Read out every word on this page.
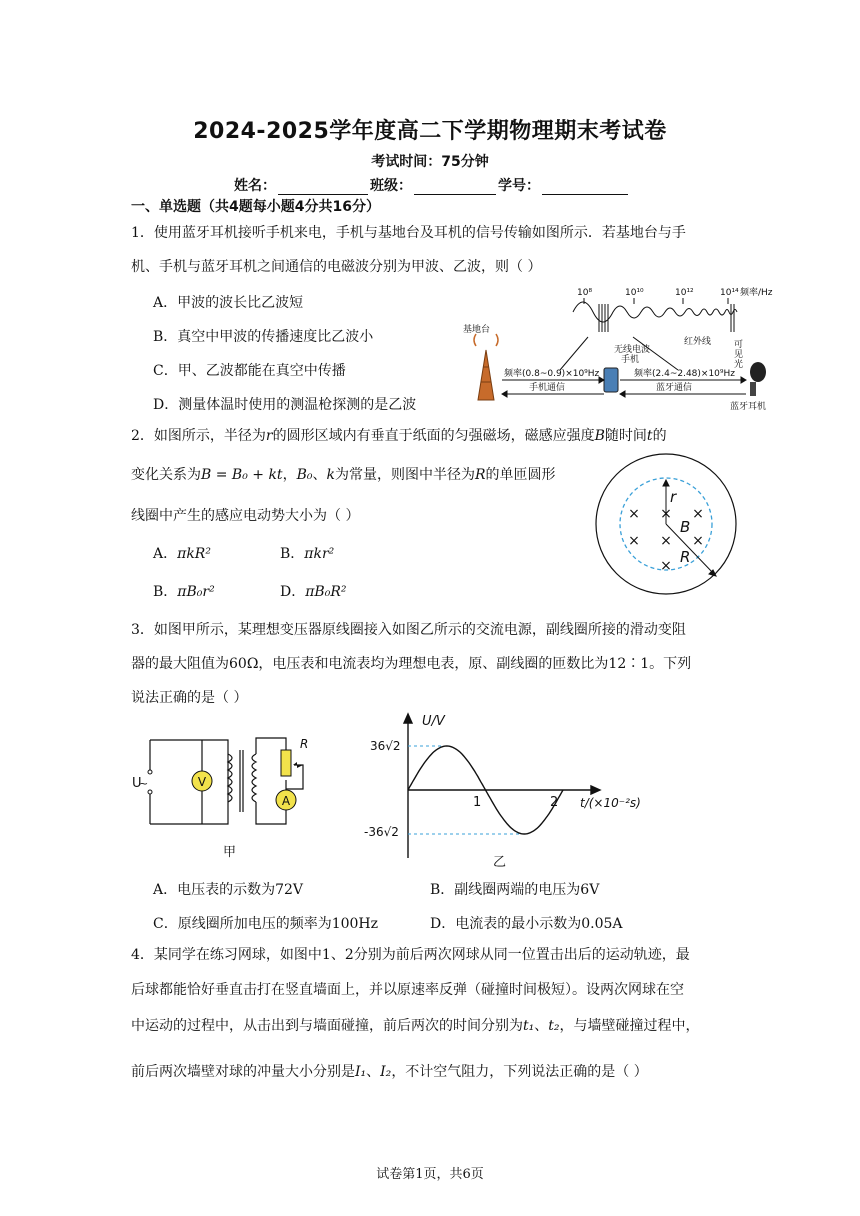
2024-2025学年度高二下学期物理期末考试卷
考试时间：75分钟
姓名：	班级：	学号：
一、单选题（共4题每小题4分共16分）
1．使用蓝牙耳机接听手机来电，手机与基地台及耳机的信号传输如图所示．若基地台与手
机、手机与蓝牙耳机之间通信的电磁波分别为甲波、乙波，则（ ）
A．甲波的波长比乙波短
B．真空中甲波的传播速度比乙波小
C．甲、乙波都能在真空中传播
D．测量体温时使用的测温枪探测的是乙波
10⁸	10¹⁰	10¹²	10¹⁴ 频率/Hz
无线电波
手机
红外线	可
见
光
基地台
频率(0.8~0.9)×10⁹Hz	频率(2.4~2.48)×10⁹Hz
手机通信	蓝牙通信
蓝牙耳机
2．如图所示，半径为r的圆形区域内有垂直于纸面的匀强磁场，磁感应强度B随时间t的
变化关系为B = B₀ + kt，B₀、k为常量，则图中半径为R的单匝圆形
线圈中产生的感应电动势大小为（ ）
A．πkR²	B．πkr²
B．πB₀r²	D．πB₀R²
× × ×
× × ×
×
r
B
R
3．如图甲所示，某理想变压器原线圈接入如图乙所示的交流电源，副线圈所接的滑动变阻
器的最大阻值为60Ω，电压表和电流表均为理想电表，原、副线圈的匝数比为12∶1。下列
说法正确的是（ ）
U
~	V
R
A
甲
U/V
t/(×10⁻²s)
36√2
-36√2
1	2
乙
A．电压表的示数为72V	B．副线圈两端的电压为6V
C．原线圈所加电压的频率为100Hz	D．电流表的最小示数为0.05A
4．某同学在练习网球，如图中1、2分别为前后两次网球从同一位置击出后的运动轨迹，最
后球都能恰好垂直击打在竖直墙面上，并以原速率反弹（碰撞时间极短）。设两次网球在空
中运动的过程中，从击出到与墙面碰撞，前后两次的时间分别为t₁、t₂，与墙壁碰撞过程中，
前后两次墙壁对球的冲量大小分别是I₁、I₂，不计空气阻力，下列说法正确的是（ ）
试卷第1页，共6页
